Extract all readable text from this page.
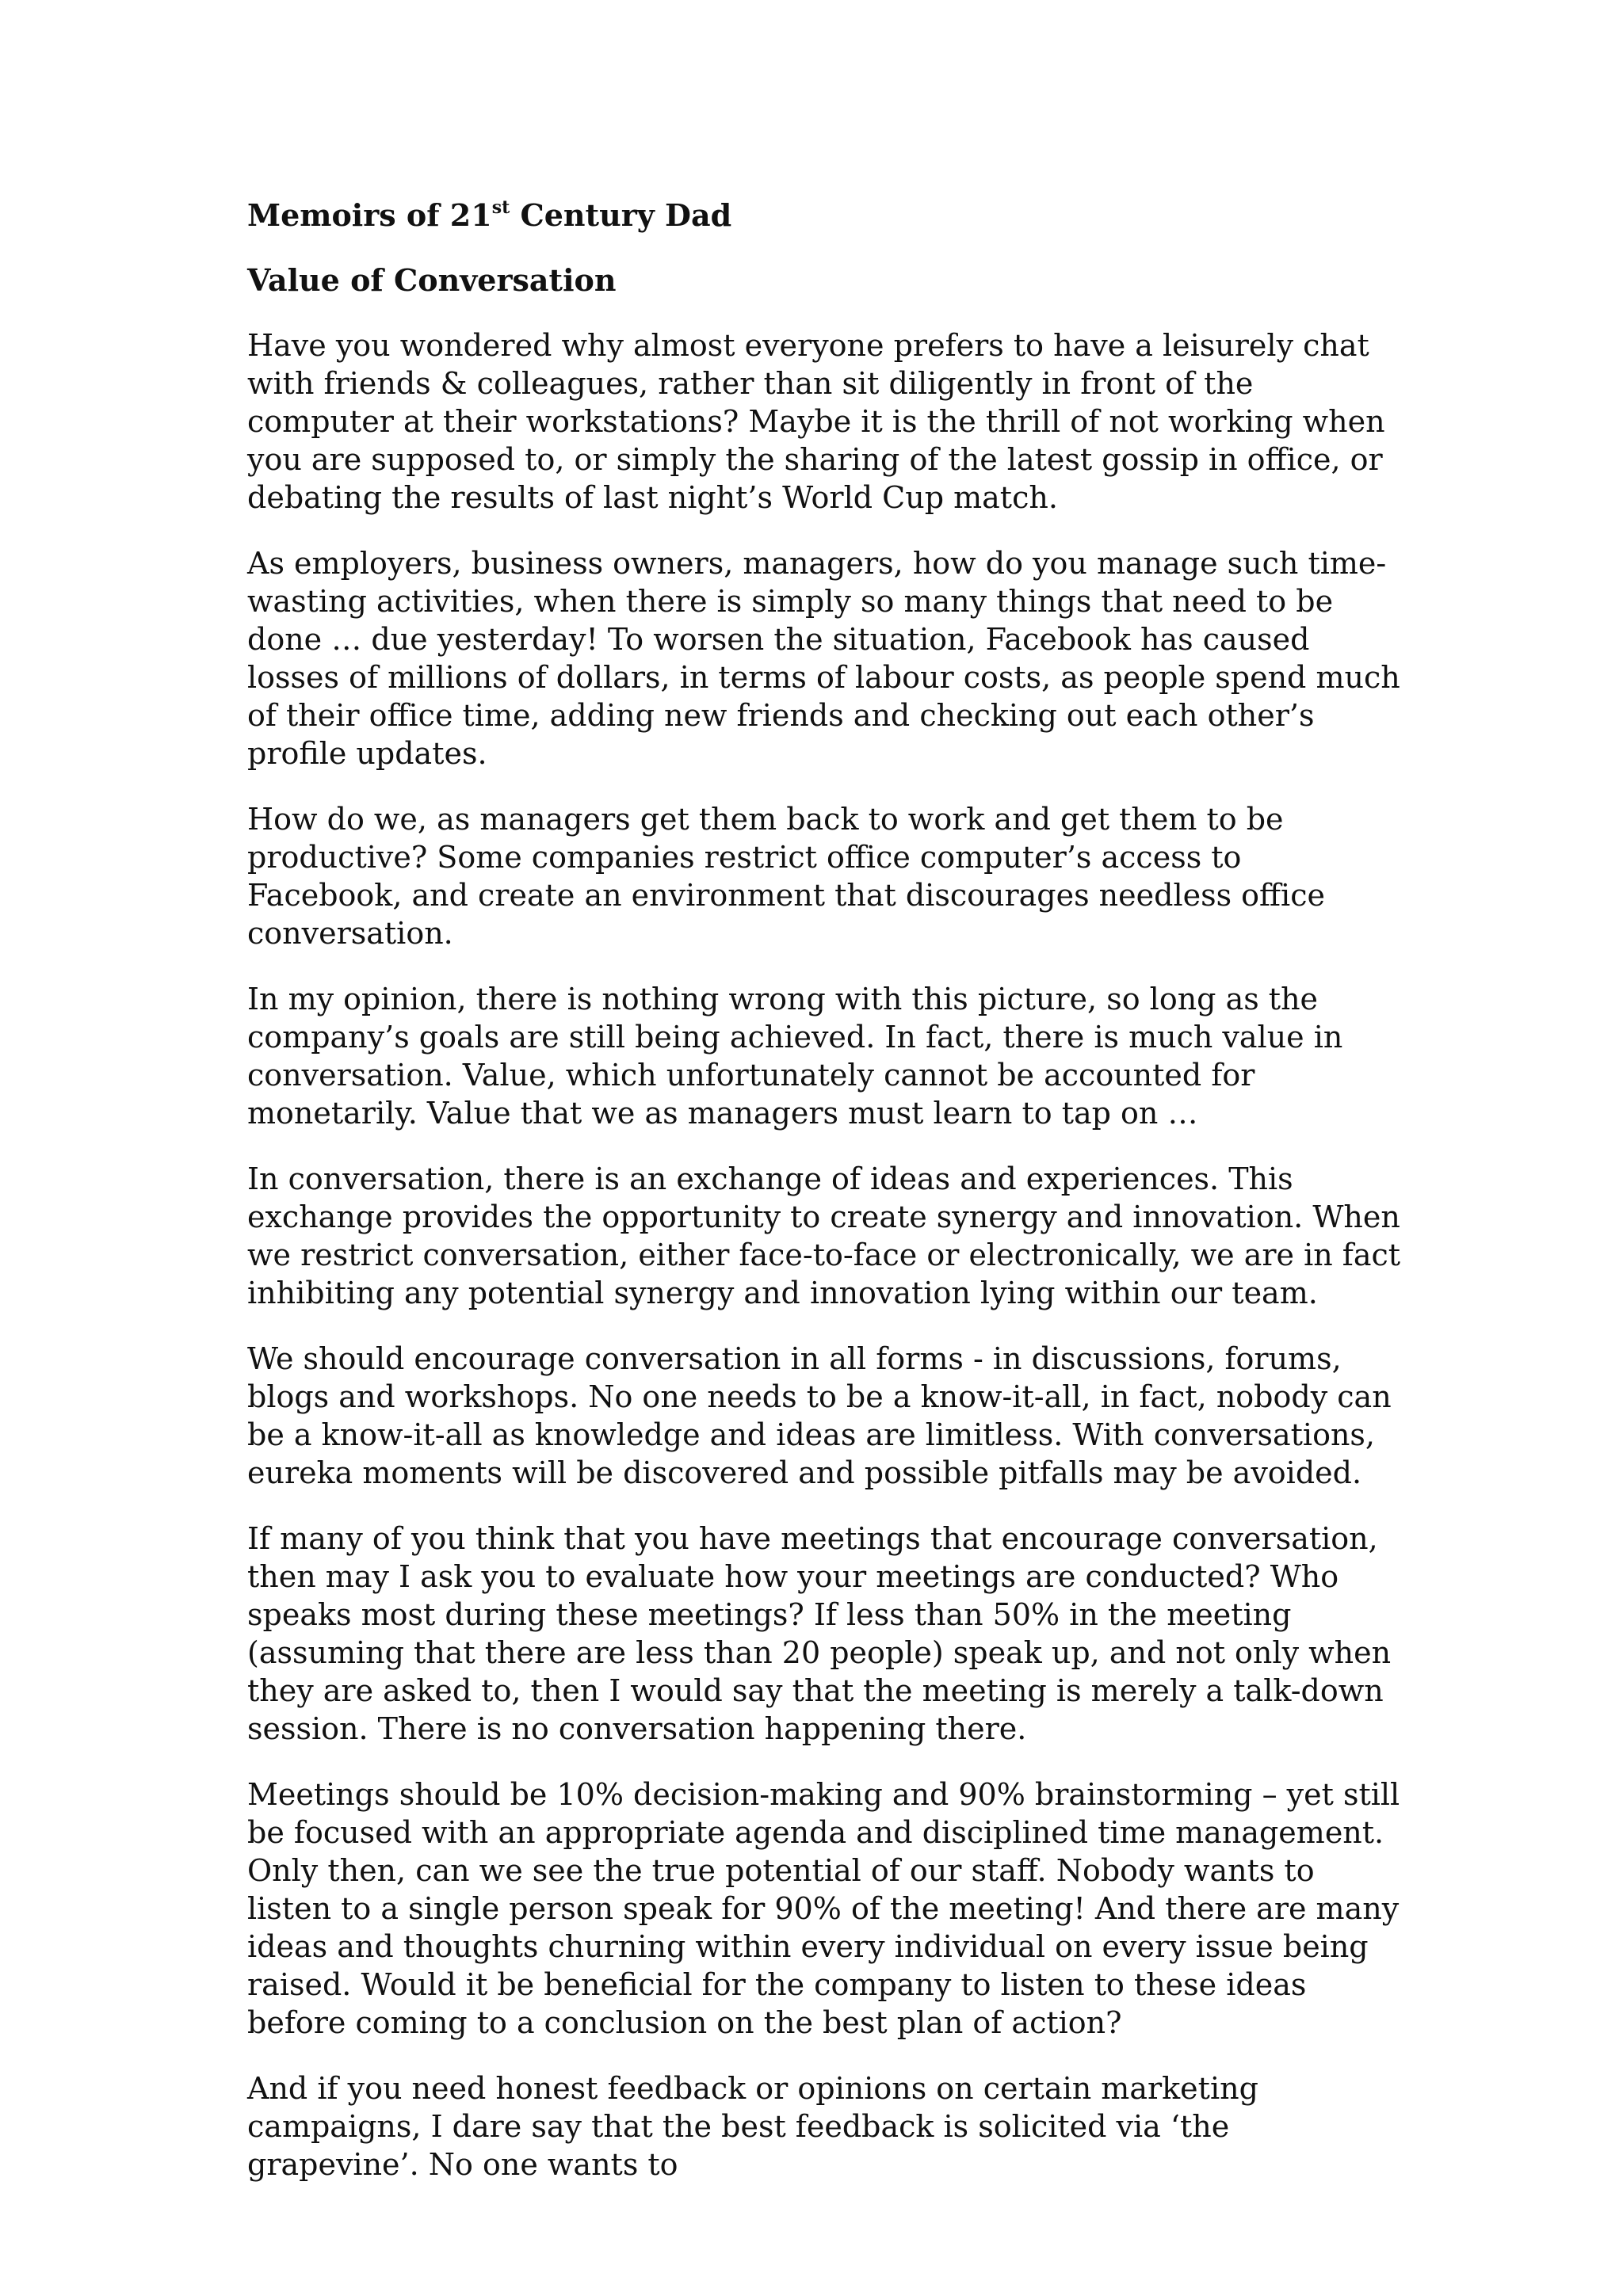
Memoirs of 21st Century Dad
Value of Conversation

Have you wondered why almost everyone prefers to have a leisurely chat with friends & colleagues, rather than sit diligently in front of the computer at their workstations? Maybe it is the thrill of not working when you are supposed to, or simply the sharing of the latest gossip in office, or debating the results of last night’s World Cup match.

As employers, business owners, managers, how do you manage such time-wasting activities, when there is simply so many things that need to be done … due yesterday! To worsen the situation, Facebook has caused losses of millions of dollars, in terms of labour costs, as people spend much of their office time, adding new friends and checking out each other’s profile updates.

How do we, as managers get them back to work and get them to be productive? Some companies restrict office computer’s access to Facebook, and create an environment that discourages needless office conversation.

In my opinion, there is nothing wrong with this picture, so long as the company’s goals are still being achieved. In fact, there is much value in conversation. Value, which unfortunately cannot be accounted for monetarily. Value that we as managers must learn to tap on …

In conversation, there is an exchange of ideas and experiences. This exchange provides the opportunity to create synergy and innovation. When we restrict conversation, either face-to-face or electronically, we are in fact inhibiting any potential synergy and innovation lying within our team.

We should encourage conversation in all forms - in discussions, forums, blogs and workshops. No one needs to be a know-it-all, in fact, nobody can be a know-it-all as knowledge and ideas are limitless. With conversations, eureka moments will be discovered and possible pitfalls may be avoided.

If many of you think that you have meetings that encourage conversation, then may I ask you to evaluate how your meetings are conducted? Who speaks most during these meetings? If less than 50% in the meeting (assuming that there are less than 20 people) speak up, and not only when they are asked to, then I would say that the meeting is merely a talk-down session. There is no conversation happening there.

Meetings should be 10% decision-making and 90% brainstorming – yet still be focused with an appropriate agenda and disciplined time management. Only then, can we see the true potential of our staff. Nobody wants to listen to a single person speak for 90% of the meeting! And there are many ideas and thoughts churning within every individual on every issue being raised. Would it be beneficial for the company to listen to these ideas before coming to a conclusion on the best plan of action?

And if you need honest feedback or opinions on certain marketing campaigns, I dare say that the best feedback is solicited via ‘the grapevine’. No one wants to
